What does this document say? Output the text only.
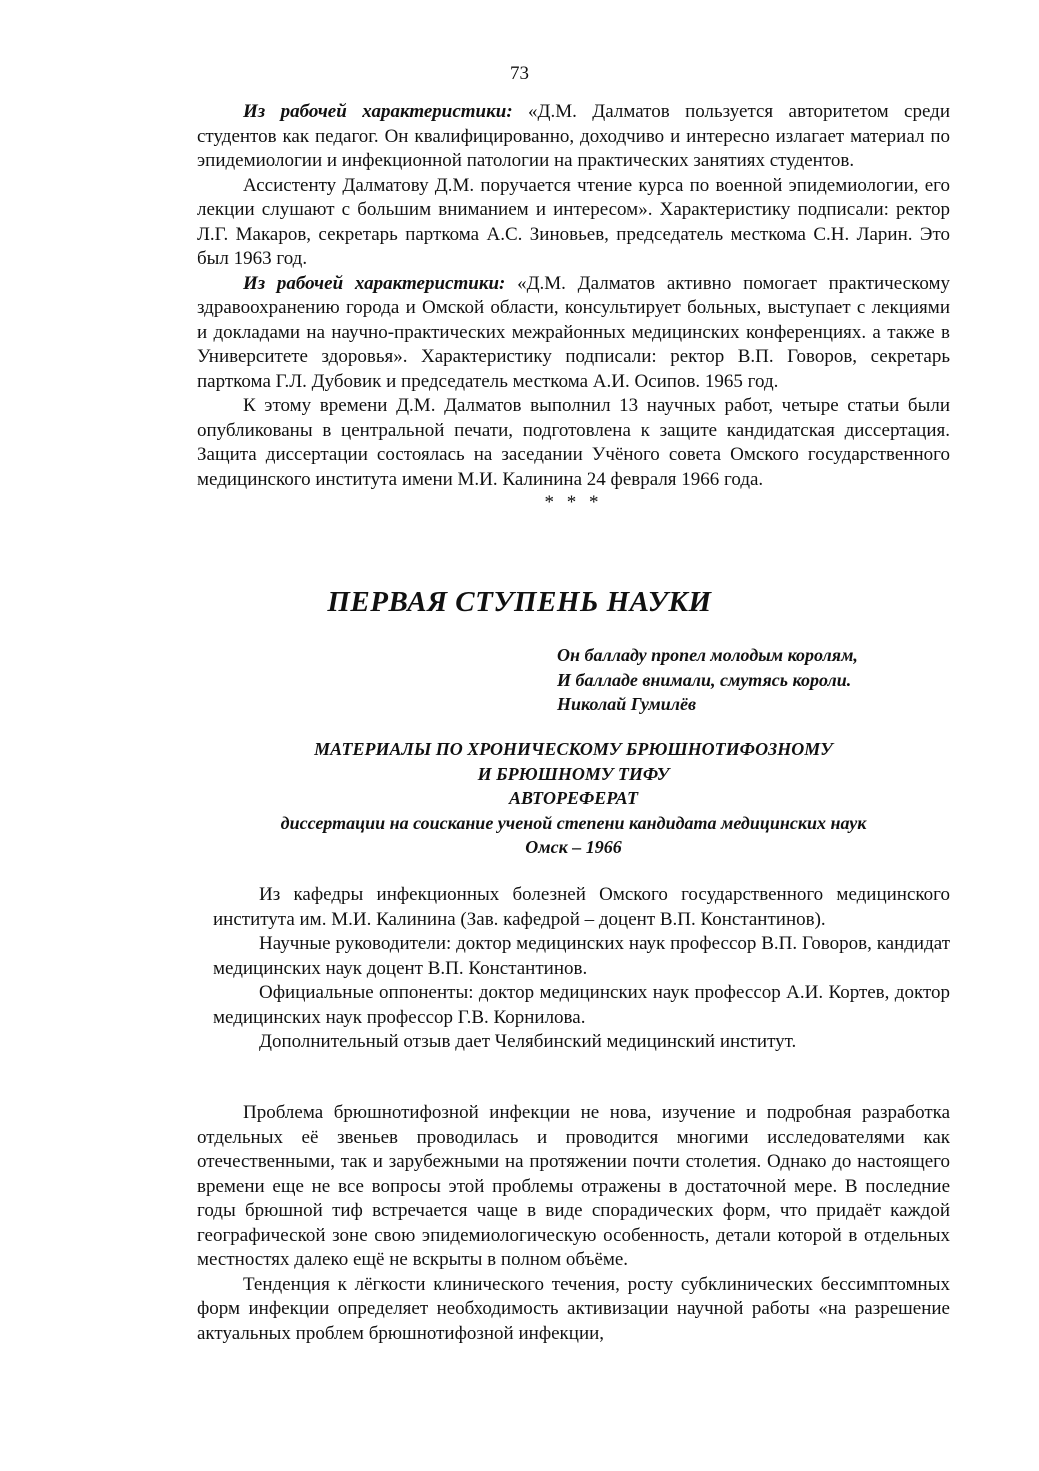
73

Из рабочей характеристики: «Д.М. Далматов пользуется авторитетом среди студентов как педагог. Он квалифицированно, доходчиво и интересно излагает материал по эпидемиологии и инфекционной патологии на практических занятиях студентов.

Ассистенту Далматову Д.М. поручается чтение курса по военной эпидемиологии, его лекции слушают с большим вниманием и интересом». Характеристику подписали: ректор Л.Г. Макаров, секретарь парткома А.С. Зиновьев, председатель месткома С.Н. Ларин. Это был 1963 год.

Из рабочей характеристики: «Д.М. Далматов активно помогает практическому здравоохранению города и Омской области, консультирует больных, выступает с лекциями и докладами на научно-практических межрайонных медицинских конференциях. а также в Университете здоровья». Характеристику подписали: ректор В.П. Говоров, секретарь парткома Г.Л. Дубовик и председатель месткома А.И. Осипов. 1965 год.

К этому времени Д.М. Далматов выполнил 13 научных работ, четыре статьи были опубликованы в центральной печати, подготовлена к защите кандидатская диссертация. Защита диссертации состоялась на заседании Учёного совета Омского государственного медицинского института имени М.И. Калинина 24 февраля 1966 года.

* * *

ПЕРВАЯ СТУПЕНЬ НАУКИ
Он балладу пропел молодым королям,
И балладе внимали, смутясь короли.
Николай Гумилёв
МАТЕРИАЛЫ ПО ХРОНИЧЕСКОМУ БРЮШНОТИФОЗНОМУ
И БРЮШНОМУ ТИФУ
АВТОРЕФЕРАТ
диссертации на соискание ученой степени кандидата медицинских наук
Омск – 1966

Из кафедры инфекционных болезней Омского государственного медицинского института им. М.И. Калинина (Зав. кафедрой – доцент В.П. Константинов).

Научные руководители: доктор медицинских наук профессор В.П. Говоров, кандидат медицинских наук доцент В.П. Константинов.

Официальные оппоненты: доктор медицинских наук профессор А.И. Кортев, доктор медицинских наук профессор Г.В. Корнилова.

Дополнительный отзыв дает Челябинский медицинский институт.

Проблема брюшнотифозной инфекции не нова, изучение и подробная разработка отдельных её звеньев проводилась и проводится многими исследователями как отечественными, так и зарубежными на протяжении почти столетия. Однако до настоящего времени еще не все вопросы этой проблемы отражены в достаточной мере. В последние годы брюшной тиф встречается чаще в виде спорадических форм, что придаёт каждой географической зоне свою эпидемиологическую особенность, детали которой в отдельных местностях далеко ещё не вскрыты в полном объёме.

Тенденция к лёгкости клинического течения, росту субклинических бессимптомных форм инфекции определяет необходимость активизации научной работы «на разрешение актуальных проблем брюшнотифозной инфекции,
